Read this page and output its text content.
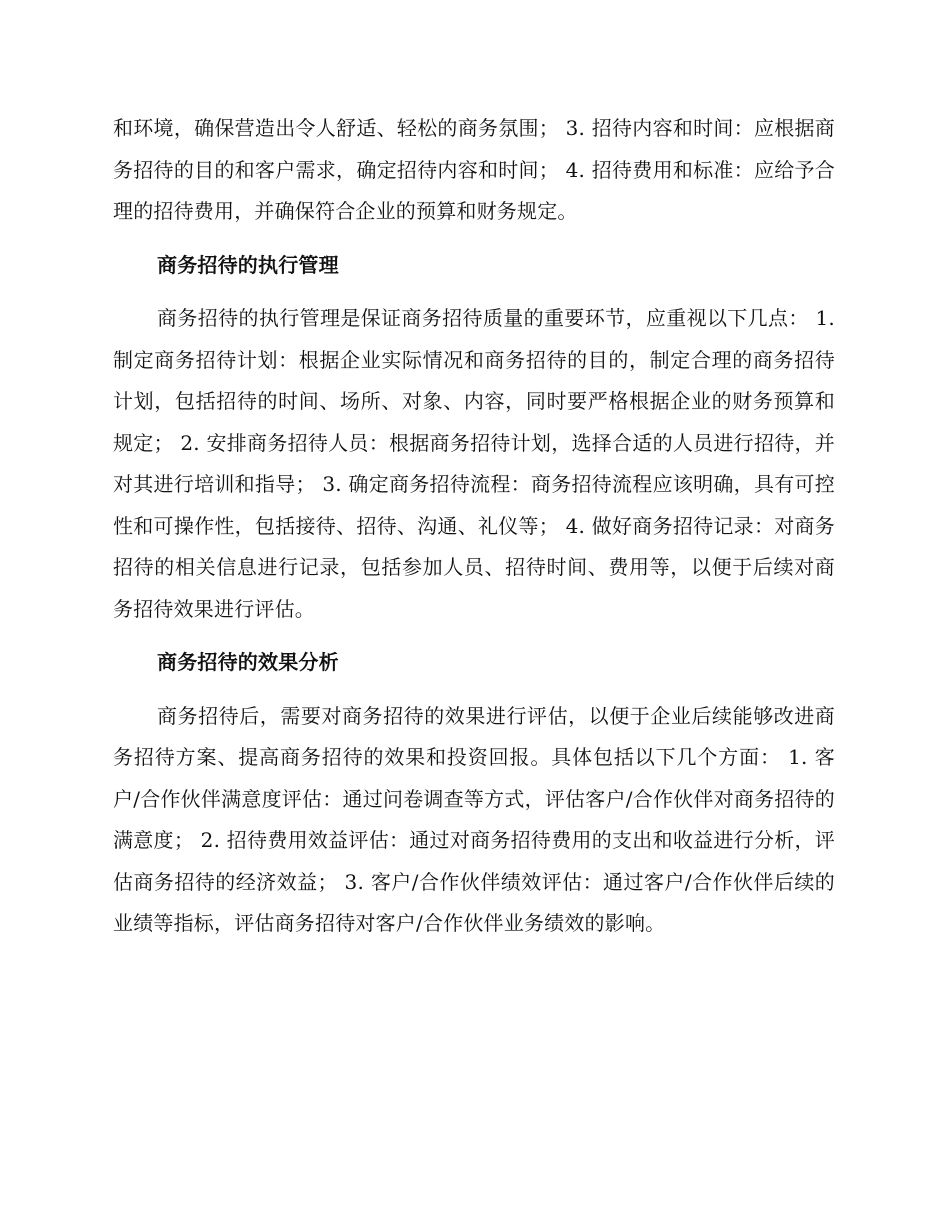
和环境，确保营造出令人舒适、轻松的商务氛围； 3. 招待内容和时间：应根据商务招待的目的和客户需求，确定招待内容和时间； 4. 招待费用和标准：应给予合理的招待费用，并确保符合企业的预算和财务规定。

商务招待的执行管理

商务招待的执行管理是保证商务招待质量的重要环节，应重视以下几点： 1. 制定商务招待计划：根据企业实际情况和商务招待的目的，制定合理的商务招待计划，包括招待的时间、场所、对象、内容，同时要严格根据企业的财务预算和规定； 2. 安排商务招待人员：根据商务招待计划，选择合适的人员进行招待，并对其进行培训和指导； 3. 确定商务招待流程：商务招待流程应该明确，具有可控性和可操作性，包括接待、招待、沟通、礼仪等； 4. 做好商务招待记录：对商务招待的相关信息进行记录，包括参加人员、招待时间、费用等，以便于后续对商务招待效果进行评估。

商务招待的效果分析

商务招待后，需要对商务招待的效果进行评估，以便于企业后续能够改进商务招待方案、提高商务招待的效果和投资回报。具体包括以下几个方面： 1. 客户/合作伙伴满意度评估：通过问卷调查等方式，评估客户/合作伙伴对商务招待的满意度； 2. 招待费用效益评估：通过对商务招待费用的支出和收益进行分析，评估商务招待的经济效益； 3. 客户/合作伙伴绩效评估：通过客户/合作伙伴后续的业绩等指标，评估商务招待对客户/合作伙伴业务绩效的影响。
